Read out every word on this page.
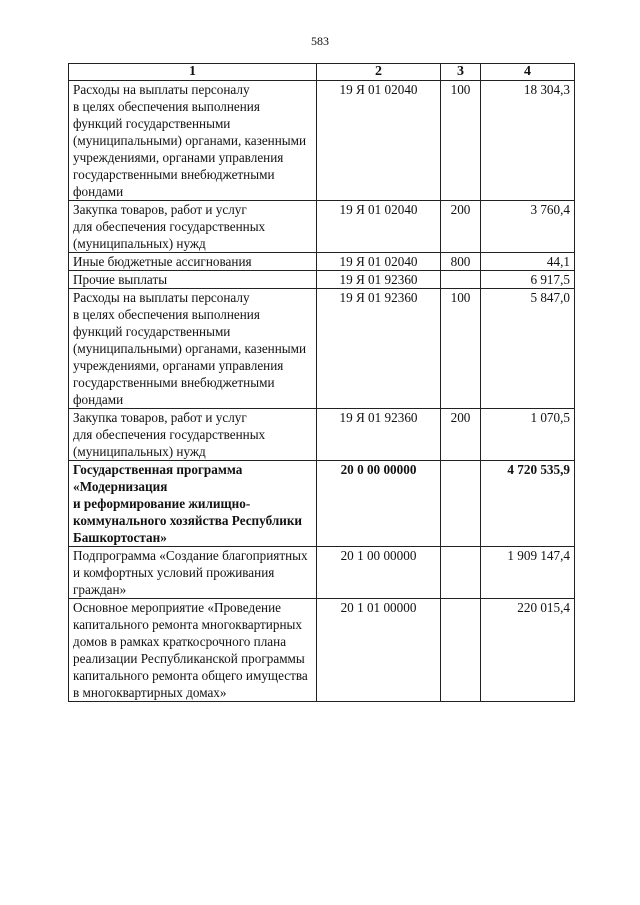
583
1	2	3	4
Расходы на выплаты персоналу
в целях обеспечения выполнения функций государственными (муниципальными) органами, казенными учреждениями, органами управления государственными внебюджетными фондами	19 Я 01 02040	100	18 304,3
Закупка товаров, работ и услуг
для обеспечения государственных (муниципальных) нужд	19 Я 01 02040	200	3 760,4
Иные бюджетные ассигнования	19 Я 01 02040	800	44,1
Прочие выплаты	19 Я 01 92360		6 917,5
Расходы на выплаты персоналу
в целях обеспечения выполнения функций государственными (муниципальными) органами, казенными учреждениями, органами управления государственными внебюджетными фондами	19 Я 01 92360	100	5 847,0
Закупка товаров, работ и услуг
для обеспечения государственных (муниципальных) нужд	19 Я 01 92360	200	1 070,5
Государственная программа «Модернизация
и реформирование жилищно-коммунального хозяйства Республики Башкортостан»	20 0 00 00000		4 720 535,9
Подпрограмма «Создание благоприятных и комфортных условий проживания граждан»	20 1 00 00000		1 909 147,4
Основное мероприятие «Проведение капитального ремонта многоквартирных домов в рамках краткосрочного плана реализации Республиканской программы капитального ремонта общего имущества в многоквартирных домах»	20 1 01 00000		220 015,4
